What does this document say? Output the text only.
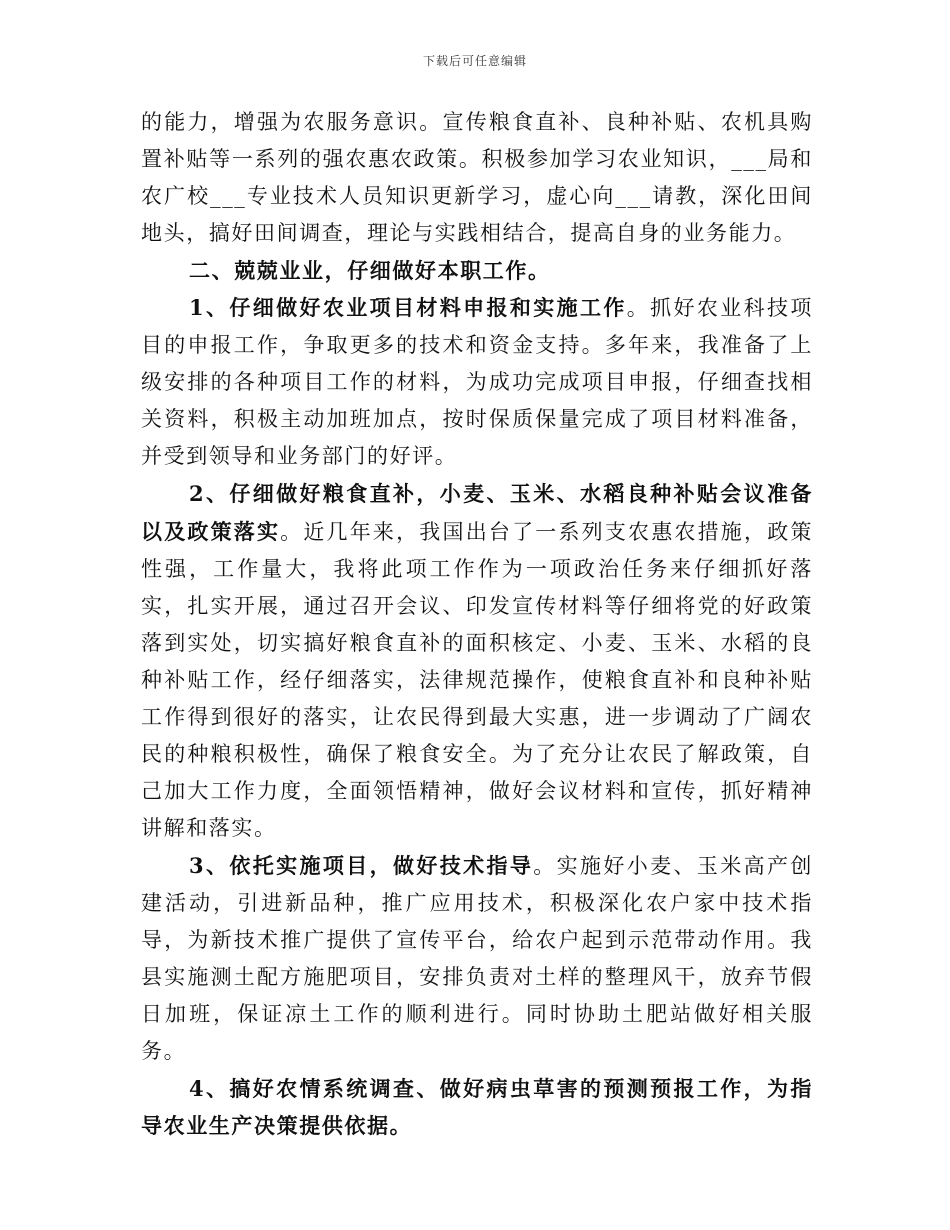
下载后可任意编辑

的能力，增强为农服务意识。宣传粮食直补、良种补贴、农机具购置补贴等一系列的强农惠农政策。积极参加学习农业知识，___局和农广校___专业技术人员知识更新学习，虚心向___请教，深化田间地头，搞好田间调查，理论与实践相结合，提高自身的业务能力。

二、兢兢业业，仔细做好本职工作。

1、仔细做好农业项目材料申报和实施工作。抓好农业科技项目的申报工作，争取更多的技术和资金支持。多年来，我准备了上级安排的各种项目工作的材料，为成功完成项目申报，仔细查找相关资料，积极主动加班加点，按时保质保量完成了项目材料准备，并受到领导和业务部门的好评。

2、仔细做好粮食直补，小麦、玉米、水稻良种补贴会议准备以及政策落实。近几年来，我国出台了一系列支农惠农措施，政策性强，工作量大，我将此项工作作为一项政治任务来仔细抓好落实，扎实开展，通过召开会议、印发宣传材料等仔细将党的好政策落到实处，切实搞好粮食直补的面积核定、小麦、玉米、水稻的良种补贴工作，经仔细落实，法律规范操作，使粮食直补和良种补贴工作得到很好的落实，让农民得到最大实惠，进一步调动了广阔农民的种粮积极性，确保了粮食安全。为了充分让农民了解政策，自己加大工作力度，全面领悟精神，做好会议材料和宣传，抓好精神讲解和落实。

3、依托实施项目，做好技术指导。实施好小麦、玉米高产创建活动，引进新品种，推广应用技术，积极深化农户家中技术指导，为新技术推广提供了宣传平台，给农户起到示范带动作用。我县实施测土配方施肥项目，安排负责对土样的整理风干，放弃节假日加班，保证凉土工作的顺利进行。同时协助土肥站做好相关服务。

4、搞好农情系统调查、做好病虫草害的预测预报工作，为指导农业生产决策提供依据。
